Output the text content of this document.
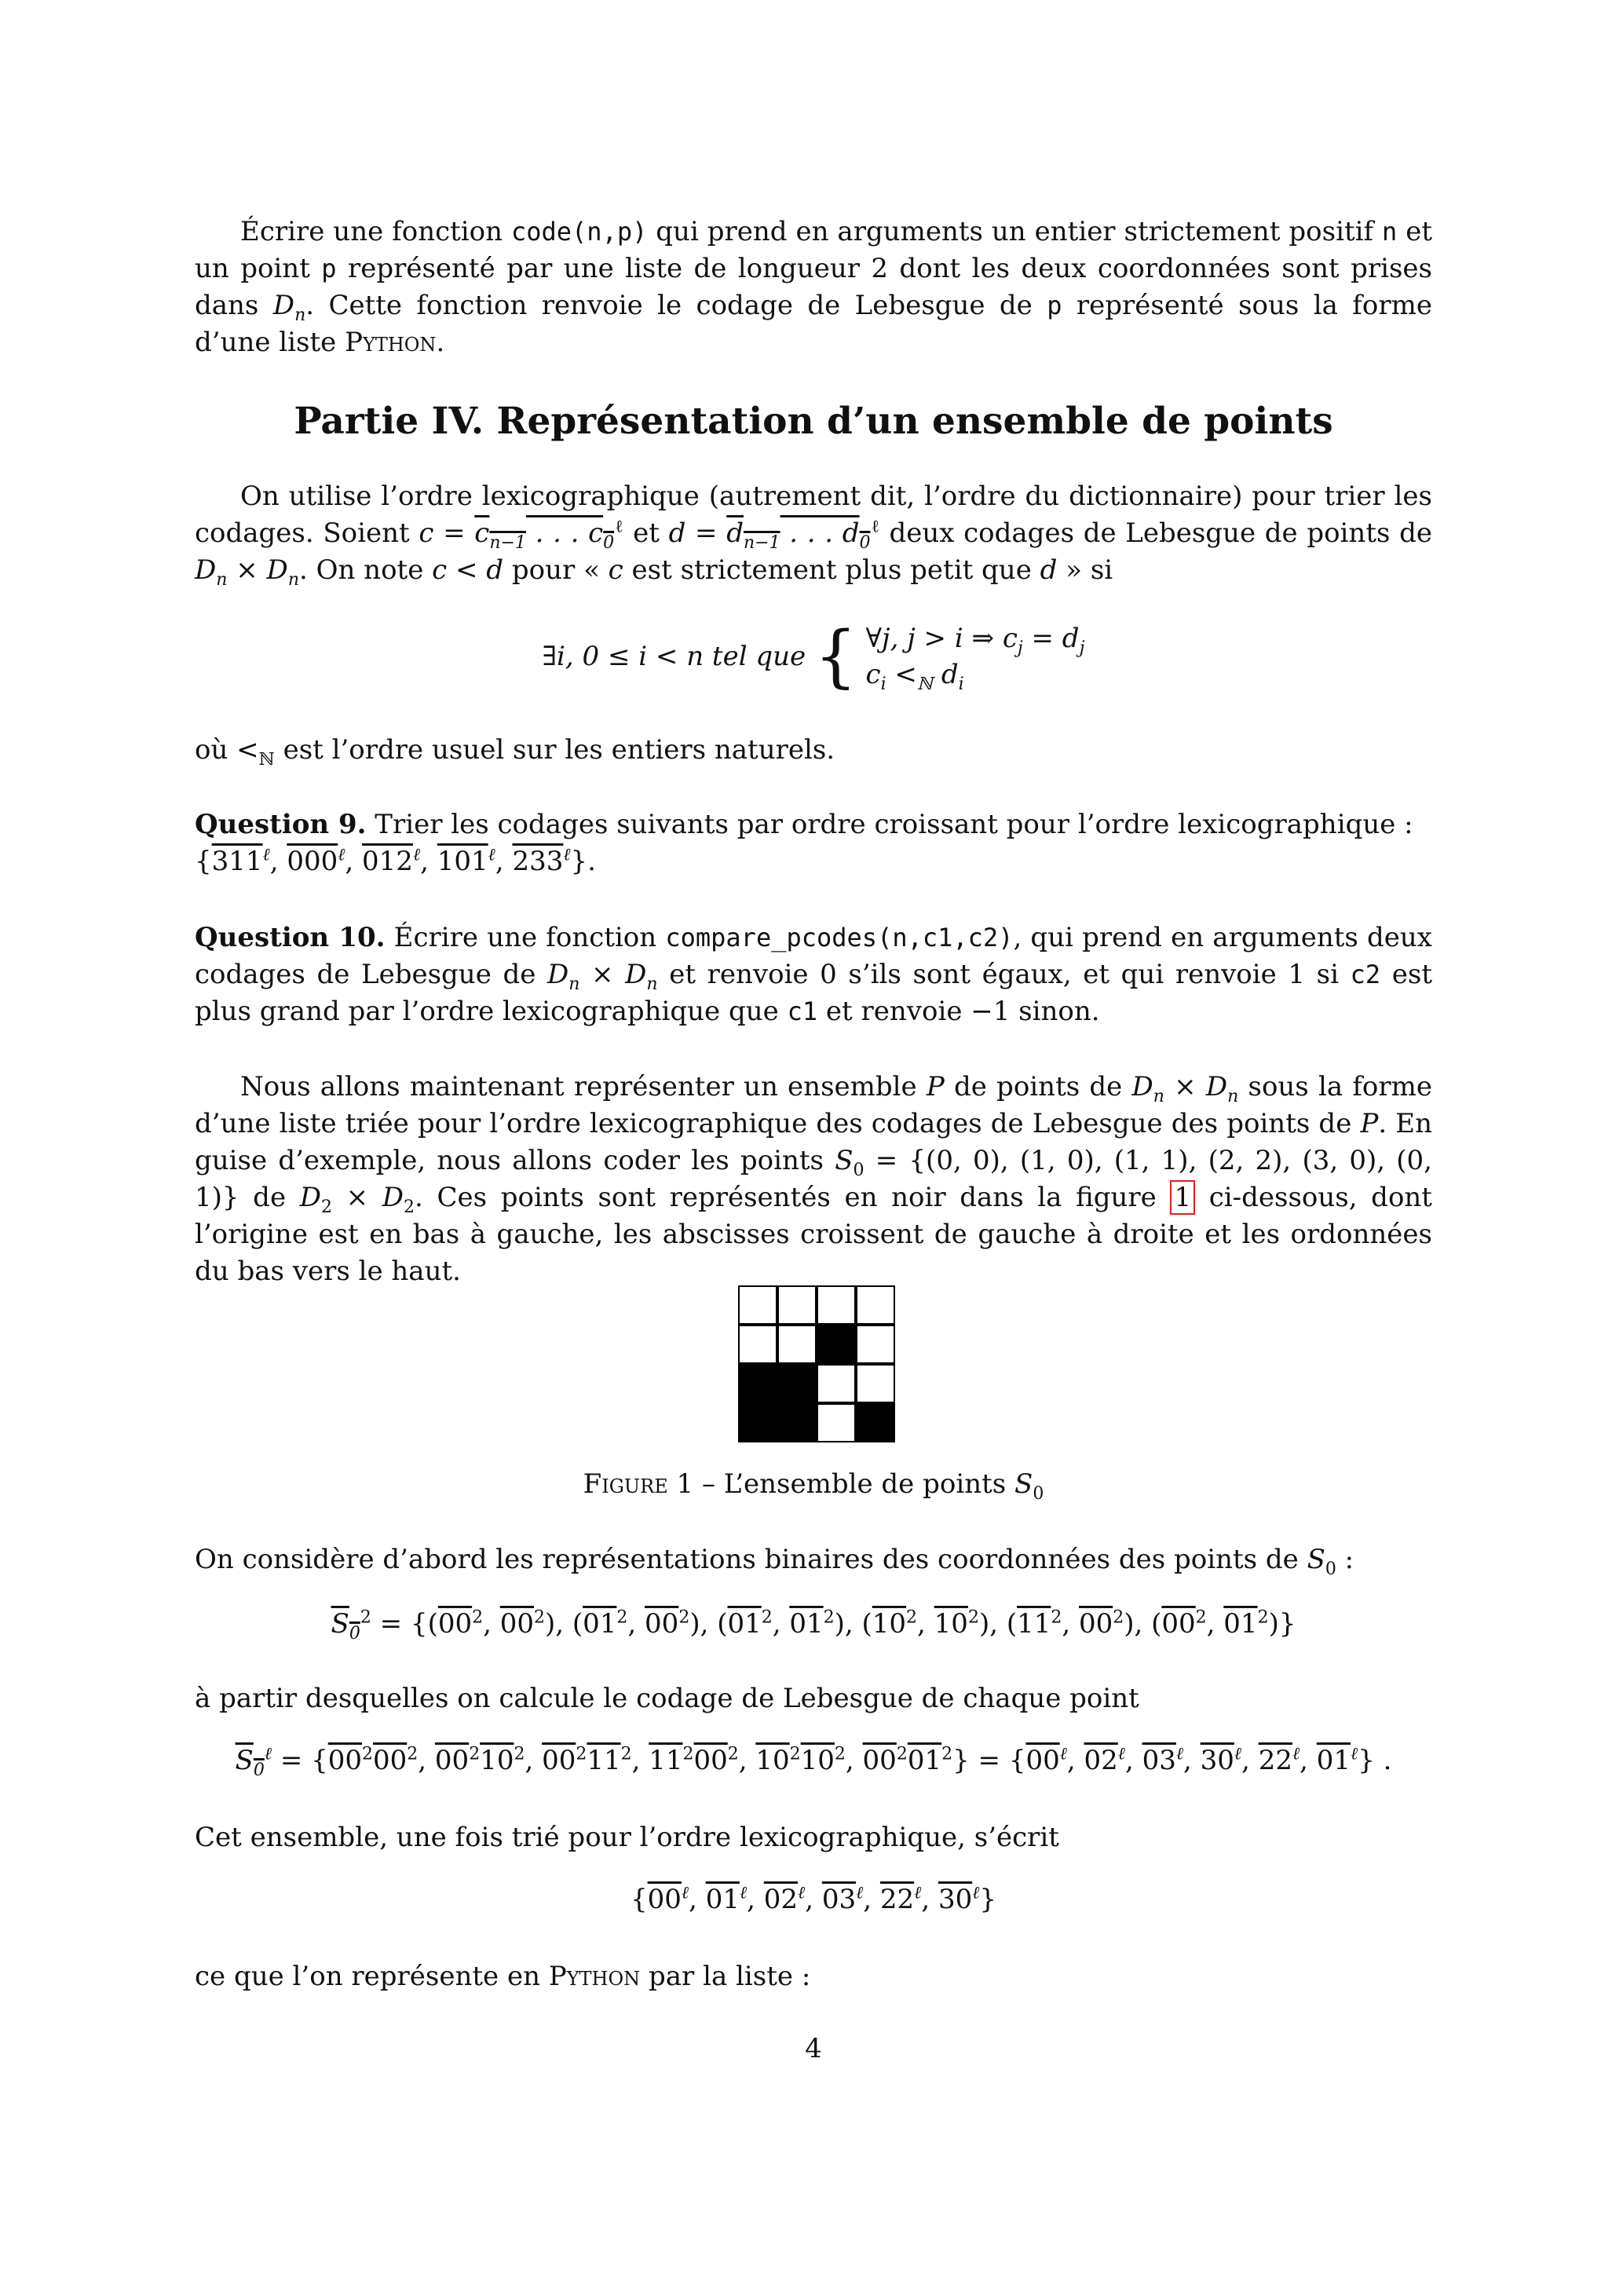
Écrire une fonction code(n,p) qui prend en arguments un entier strictement positif n et un point p représenté par une liste de longueur 2 dont les deux coordonnées sont prises dans $D_n$. Cette fonction renvoie le codage de Lebesgue de p représenté sous la forme d’une liste Python.
Partie IV. Représentation d’un ensemble de points
On utilise l’ordre lexicographique (autrement dit, l’ordre du dictionnaire) pour trier les codages. Soient $c = c_{n-1}$ . . . $c_0^\ell$ et $d = d_{n-1}$ . . . $d_0^\ell$ deux codages de Lebesgue de points de $D_n \times D_n$. On note c < d pour « c est strictement plus petit que d » si
∃i, 0 ≤ i < n tel que { ∀j, j > i ⇒ $c_j = d_j$
$c_i <_ℕ$ $d_i$
où $<_ℕ$ est l’ordre usuel sur les entiers naturels.
Question 9. Trier les codages suivants par ordre croissant pour l’ordre lexicographique :
{$311^\ell$, $000^\ell$, $012^\ell$, $101^\ell$, $233^\ell$}.
Question 10. Écrire une fonction compare_pcodes(n,c1,c2), qui prend en arguments deux codages de Lebesgue de $D_n \times D_n$ et renvoie 0 s’ils sont égaux, et qui renvoie 1 si c2 est plus grand par l’ordre lexicographique que c1 et renvoie −1 sinon.
Nous allons maintenant représenter un ensemble P de points de $D_n \times D_n$ sous la forme d’une liste triée pour l’ordre lexicographique des codages de Lebesgue des points de P. En guise d’exemple, nous allons coder les points $S_0 = \{(0$, 0), (1, 0), (1, 1), (2, 2), (3, 0), (0, 1)} de $D_2 \times D_2$. Ces points sont représentés en noir dans la figure 1 ci-dessous, dont l’origine est en bas à gauche, les abscisses croissent de gauche à droite et les ordonnées du bas vers le haut.
Figure 1 – L’ensemble de points $S_0$
On considère d’abord les représentations binaires des coordonnées des points de $S_0$ :
$S_0^2 = \{(00^2$, $00^2$), ($01^2$, $00^2$), ($01^2$, $01^2$), ($10^2$, $10^2$), ($11^2$, $00^2$), ($00^2$, $01^2$)}
à partir desquelles on calcule le codage de Lebesgue de chaque point
$S_0^\ell = \{00^200^2$, $00^210^2$, $00^211^2$, $11^200^2$, $10^210^2$, $00^201^2\} = \{00^\ell$, $02^\ell$, $03^\ell$, $30^\ell$, $22^\ell$, $01^\ell$} .
Cet ensemble, une fois trié pour l’ordre lexicographique, s’écrit
{$00^\ell$, $01^\ell$, $02^\ell$, $03^\ell$, $22^\ell$, $30^\ell$}
ce que l’on représente en Python par la liste :
4
